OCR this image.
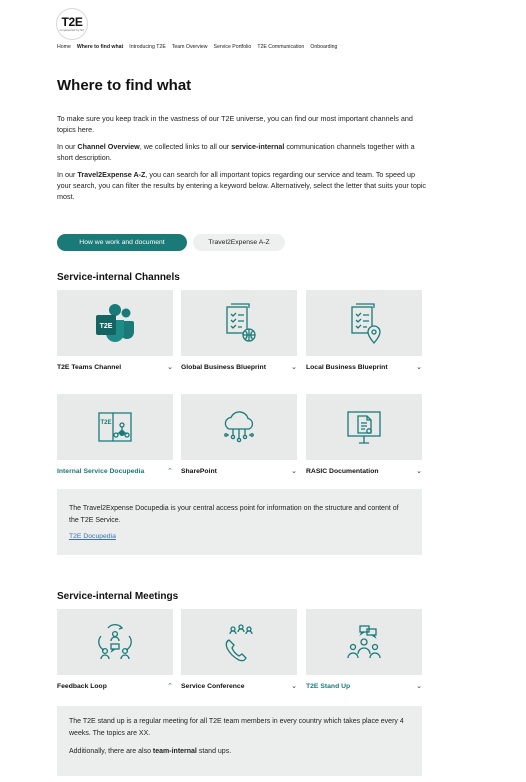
T2E
empowered by SC
Home Where to find what Introducing T2E Team Overview Service Portfolio T2E Communication Onboarding
Where to find what

To make sure you keep track in the vastness of our T2E universe, you can find our most important channels and topics here.

In our Channel Overview, we collected links to all our service-internal communication channels together with a short description.

In our Travel2Expense A-Z, you can search for all important topics regarding our service and team. To speed up your search, you can filter the results by entering a keyword below. Alternatively, select the letter that suits your topic most.

How we work and document	Travel2Expense A-Z
Service-internal Channels
T2E
T2E Teams Channel	⌄ Global Business Blueprint	⌄ Local Business Blueprint	⌄
T2E
Internal Service Docupedia	⌃ SharePoint	⌄ RASIC Documentation	⌄

The Travel2Expense Docupedia is your central access point for information on the structure and content of the T2E Service.

T2E Docupedia
Service-internal Meetings
Feedback Loop	⌃ Service Conference	⌄ T2E Stand Up	⌄

The T2E stand up is a regular meeting for all T2E team members in every country which takes place every 4 weeks. The topics are XX.

Additionally, there are also team-internal stand ups.
